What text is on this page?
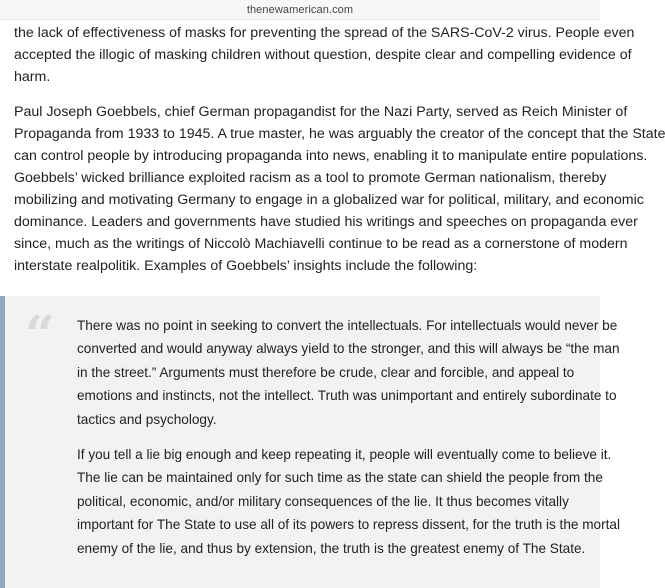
thenewamerican.com

the lack of effectiveness of masks for preventing the spread of the SARS-CoV-2 virus. People even
accepted the illogic of masking children without question, despite clear and compelling evidence of
harm.

Paul Joseph Goebbels, chief German propagandist for the Nazi Party, served as Reich Minister of
Propaganda from 1933 to 1945. A true master, he was arguably the creator of the concept that the State
can control people by introducing propaganda into news, enabling it to manipulate entire populations.
Goebbels’ wicked brilliance exploited racism as a tool to promote German nationalism, thereby
mobilizing and motivating Germany to engage in a globalized war for political, military, and economic
dominance. Leaders and governments have studied his writings and speeches on propaganda ever
since, much as the writings of Niccolò Machiavelli continue to be read as a cornerstone of modern
interstate realpolitik. Examples of Goebbels’ insights include the following:

“ There was no point in seeking to convert the intellectuals. For intellectuals would never be
converted and would anyway always yield to the stronger, and this will always be “the man
in the street.” Arguments must therefore be crude, clear and forcible, and appeal to
emotions and instincts, not the intellect. Truth was unimportant and entirely subordinate to
tactics and psychology.

If you tell a lie big enough and keep repeating it, people will eventually come to believe it.
The lie can be maintained only for such time as the state can shield the people from the
political, economic, and/or military consequences of the lie. It thus becomes vitally
important for The State to use all of its powers to repress dissent, for the truth is the mortal
enemy of the lie, and thus by extension, the truth is the greatest enemy of The State.
